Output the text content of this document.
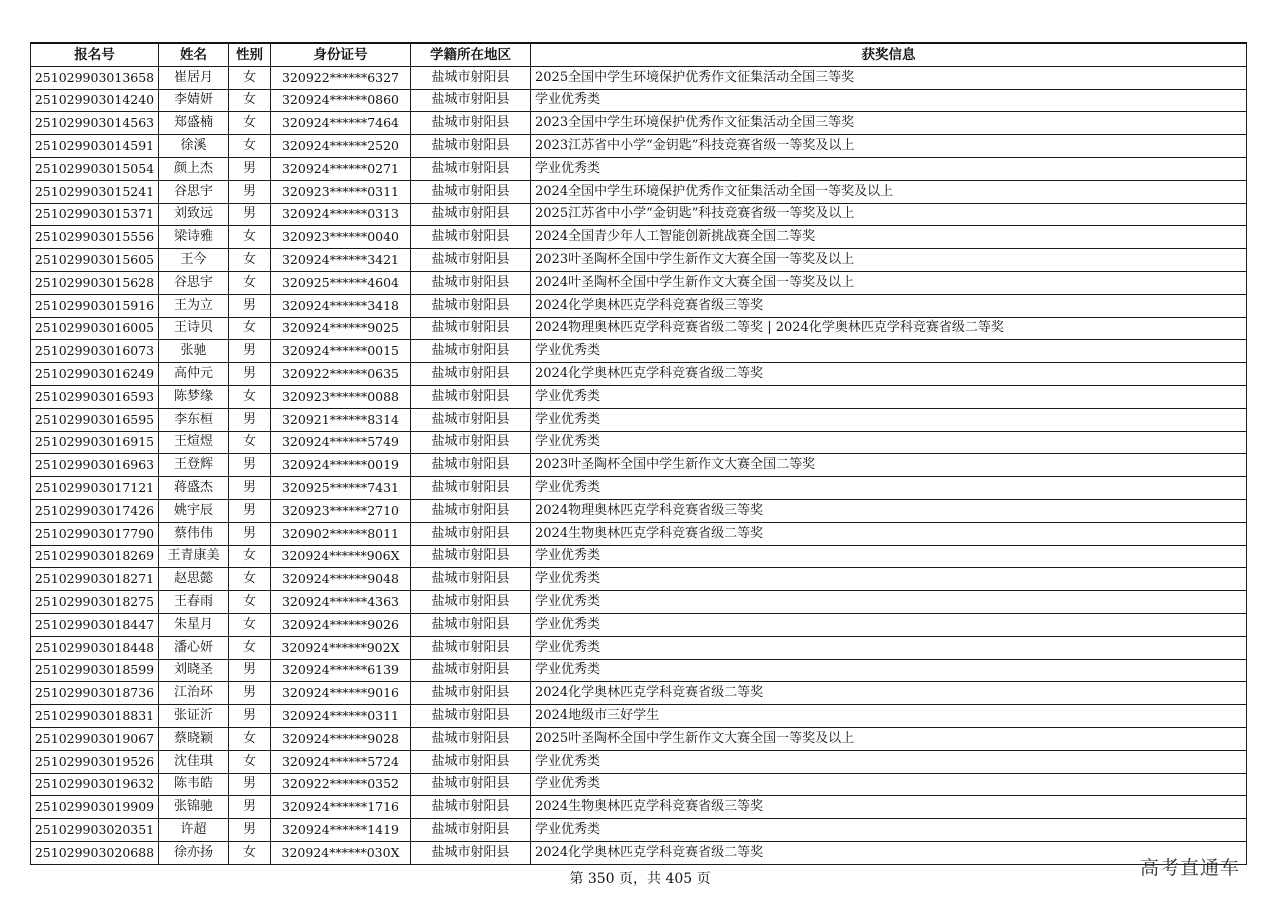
报名号	姓名	性别	身份证号	学籍所在地区	获奖信息
251029903013658	崔居月	女	320922******6327	盐城市射阳县	2025全国中学生环境保护优秀作文征集活动全国三等奖
251029903014240	李婧妍	女	320924******0860	盐城市射阳县	学业优秀类
251029903014563	郑盛楠	女	320924******7464	盐城市射阳县	2023全国中学生环境保护优秀作文征集活动全国三等奖
251029903014591	徐溪	女	320924******2520	盐城市射阳县	2023江苏省中小学“金钥匙”科技竞赛省级一等奖及以上
251029903015054	颜上杰	男	320924******0271	盐城市射阳县	学业优秀类
251029903015241	谷思宇	男	320923******0311	盐城市射阳县	2024全国中学生环境保护优秀作文征集活动全国一等奖及以上
251029903015371	刘致远	男	320924******0313	盐城市射阳县	2025江苏省中小学“金钥匙”科技竞赛省级一等奖及以上
251029903015556	梁诗雅	女	320923******0040	盐城市射阳县	2024全国青少年人工智能创新挑战赛全国二等奖
251029903015605	王今	女	320924******3421	盐城市射阳县	2023叶圣陶杯全国中学生新作文大赛全国一等奖及以上
251029903015628	谷思宇	女	320925******4604	盐城市射阳县	2024叶圣陶杯全国中学生新作文大赛全国一等奖及以上
251029903015916	王为立	男	320924******3418	盐城市射阳县	2024化学奥林匹克学科竞赛省级三等奖
251029903016005	王诗贝	女	320924******9025	盐城市射阳县	2024物理奥林匹克学科竞赛省级二等奖 | 2024化学奥林匹克学科竞赛省级二等奖
251029903016073	张驰	男	320924******0015	盐城市射阳县	学业优秀类
251029903016249	高仲元	男	320922******0635	盐城市射阳县	2024化学奥林匹克学科竞赛省级二等奖
251029903016593	陈梦缘	女	320923******0088	盐城市射阳县	学业优秀类
251029903016595	李东桓	男	320921******8314	盐城市射阳县	学业优秀类
251029903016915	王煊煜	女	320924******5749	盐城市射阳县	学业优秀类
251029903016963	王登辉	男	320924******0019	盐城市射阳县	2023叶圣陶杯全国中学生新作文大赛全国二等奖
251029903017121	蒋盛杰	男	320925******7431	盐城市射阳县	学业优秀类
251029903017426	姚宇辰	男	320923******2710	盐城市射阳县	2024物理奥林匹克学科竞赛省级三等奖
251029903017790	蔡伟伟	男	320902******8011	盐城市射阳县	2024生物奥林匹克学科竞赛省级二等奖
251029903018269	王青康美	女	320924******906X	盐城市射阳县	学业优秀类
251029903018271	赵思懿	女	320924******9048	盐城市射阳县	学业优秀类
251029903018275	王春雨	女	320924******4363	盐城市射阳县	学业优秀类
251029903018447	朱星月	女	320924******9026	盐城市射阳县	学业优秀类
251029903018448	潘心妍	女	320924******902X	盐城市射阳县	学业优秀类
251029903018599	刘晓圣	男	320924******6139	盐城市射阳县	学业优秀类
251029903018736	江治环	男	320924******9016	盐城市射阳县	2024化学奥林匹克学科竞赛省级二等奖
251029903018831	张证沂	男	320924******0311	盐城市射阳县	2024地级市三好学生
251029903019067	蔡晓颖	女	320924******9028	盐城市射阳县	2025叶圣陶杯全国中学生新作文大赛全国一等奖及以上
251029903019526	沈佳琪	女	320924******5724	盐城市射阳县	学业优秀类
251029903019632	陈韦皓	男	320922******0352	盐城市射阳县	学业优秀类
251029903019909	张锦驰	男	320924******1716	盐城市射阳县	2024生物奥林匹克学科竞赛省级三等奖
251029903020351	许超	男	320924******1419	盐城市射阳县	学业优秀类
251029903020688	徐亦扬	女	320924******030X	盐城市射阳县	2024化学奥林匹克学科竞赛省级二等奖
第 350 页，共 405 页	高考直通车
